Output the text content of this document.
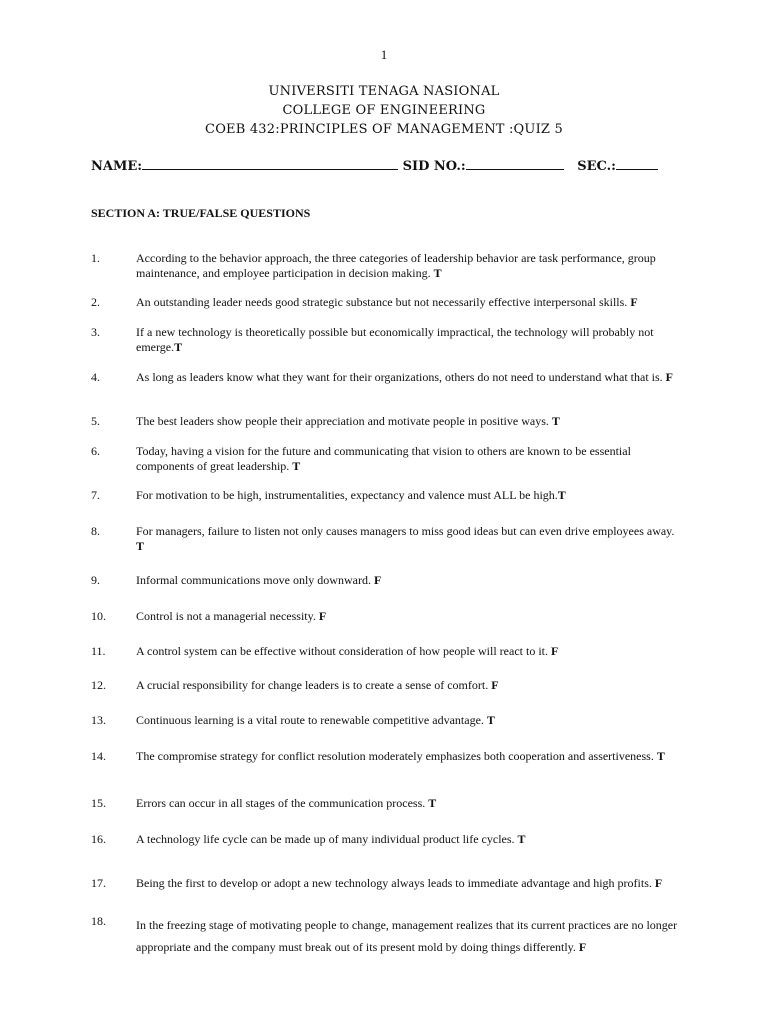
1
UNIVERSITI TENAGA NASIONAL
COLLEGE OF ENGINEERING
COEB 432:PRINCIPLES OF MANAGEMENT :QUIZ 5
NAME:	SID NO.:	SEC.:
SECTION A: TRUE/FALSE QUESTIONS
1.	According to the behavior approach, the three categories of leadership behavior are task performance, group maintenance, and employee participation in decision making. T
2.	An outstanding leader needs good strategic substance but not necessarily effective interpersonal skills. F
3.	If a new technology is theoretically possible but economically impractical, the technology will probably not emerge.T
4.	As long as leaders know what they want for their organizations, others do not need to understand what that is. F
5.	The best leaders show people their appreciation and motivate people in positive ways. T
6.	Today, having a vision for the future and communicating that vision to others are known to be essential components of great leadership. T
7.	For motivation to be high, instrumentalities, expectancy and valence must ALL be high.T
8.	For managers, failure to listen not only causes managers to miss good ideas but can even drive employees away. T
9.	Informal communications move only downward. F
10.	Control is not a managerial necessity. F
11.	A control system can be effective without consideration of how people will react to it. F
12.	A crucial responsibility for change leaders is to create a sense of comfort. F
13.	Continuous learning is a vital route to renewable competitive advantage. T
14.	The compromise strategy for conflict resolution moderately emphasizes both cooperation and assertiveness. T
15.	Errors can occur in all stages of the communication process. T
16.	A technology life cycle can be made up of many individual product life cycles. T
17.	Being the first to develop or adopt a new technology always leads to immediate advantage and high profits. F
18.	In the freezing stage of motivating people to change, management realizes that its current practices are no longer appropriate and the company must break out of its present mold by doing things differently. F
